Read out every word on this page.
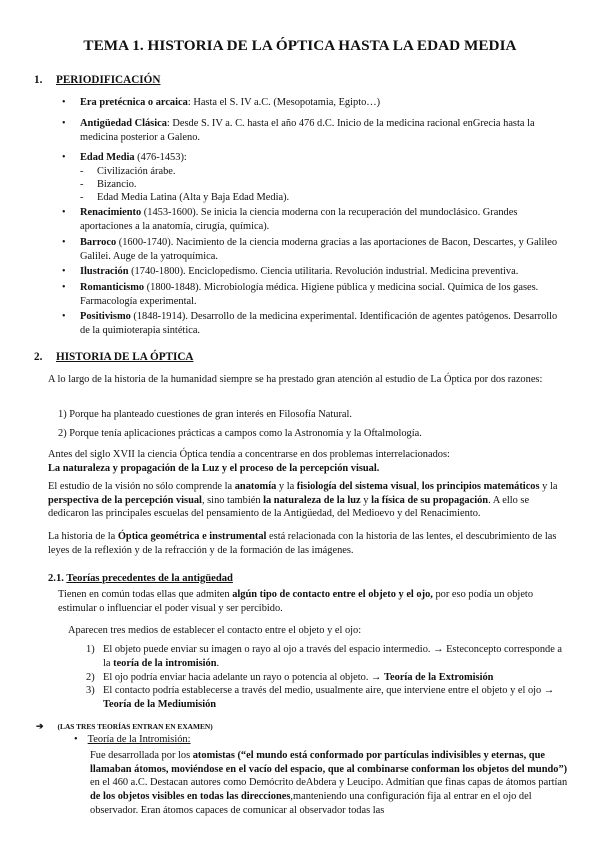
TEMA 1. HISTORIA DE LA ÓPTICA HASTA LA EDAD MEDIA
1. PERIODIFICACIÓN
• Era pretécnica o arcaica: Hasta el S. IV a.C. (Mesopotamia, Egipto…)
• Antigüedad Clásica: Desde S. IV a. C. hasta el año 476 d.C. Inicio de la medicina racional enGrecia hasta la medicina posterior a Galeno.
• Edad Media (476-1453):
- Civilización árabe.
- Bizancio.
- Edad Media Latina (Alta y Baja Edad Media).
• Renacimiento (1453-1600). Se inicia la ciencia moderna con la recuperación del mundoclásico. Grandes aportaciones a la anatomía, cirugía, química).
• Barroco (1600-1740). Nacimiento de la ciencia moderna gracias a las aportaciones de Bacon, Descartes, y Galileo Galilei. Auge de la yatroquímica.
• Ilustración (1740-1800). Enciclopedismo. Ciencia utilitaria. Revolución industrial. Medicina preventiva.
• Romanticismo (1800-1848). Microbiología médica. Higiene pública y medicina social. Química de los gases. Farmacología experimental.
• Positivismo (1848-1914). Desarrollo de la medicina experimental. Identificación de agentes patógenos. Desarrollo de la quimioterapia sintética.
2. HISTORIA DE LA ÓPTICA
A lo largo de la historia de la humanidad siempre se ha prestado gran atención al estudio de La Óptica por dos razones:
1) Porque ha planteado cuestiones de gran interés en Filosofía Natural.
2) Porque tenía aplicaciones prácticas a campos como la Astronomía y la Oftalmología.
Antes del siglo XVII la ciencia Óptica tendía a concentrarse en dos problemas interrelacionados:
La naturaleza y propagación de la Luz y el proceso de la percepción visual.
El estudio de la visión no sólo comprende la anatomía y la fisiología del sistema visual, los principios matemáticos y la perspectiva de la percepción visual, sino también la naturaleza de la luz y la física de su propagación. A ello se dedicaron las principales escuelas del pensamiento de la Antigüedad, del Medioevo y del Renacimiento.
La historia de la Óptica geométrica e instrumental está relacionada con la historia de las lentes, el descubrimiento de las leyes de la reflexión y de la refracción y de la formación de las imágenes.
2.1. Teorías precedentes de la antigüedad
Tienen en común todas ellas que admiten algún tipo de contacto entre el objeto y el ojo, por eso podía un objeto estimular o influenciar el poder visual y ser percibido.
Aparecen tres medios de establecer el contacto entre el objeto y el ojo:
1) El objeto puede enviar su imagen o rayo al ojo a través del espacio intermedio. → Esteconcepto corresponde a la teoría de la intromisión.
2) El ojo podría enviar hacia adelante un rayo o potencia al objeto. → Teoría de la Extromisión
3) El contacto podría establecerse a través del medio, usualmente aire, que interviene entre el objeto y el ojo → Teoría de la Mediumisión
➔ (LAS TRES TEORÍAS ENTRAN EN EXAMEN)
• Teoría de la Intromisión:
Fue desarrollada por los atomistas (“el mundo está conformado por partículas indivisibles y eternas, que llamaban átomos, moviéndose en el vacío del espacio, que al combinarse conforman los objetos del mundo”) en el 460 a.C. Destacan autores como Demócrito deAbdera y Leucipo. Admitían que finas capas de átomos partían de los objetos visibles en todas las direcciones,manteniendo una configuración fija al entrar en el ojo del observador. Eran átomos capaces de comunicar al observador todas las
